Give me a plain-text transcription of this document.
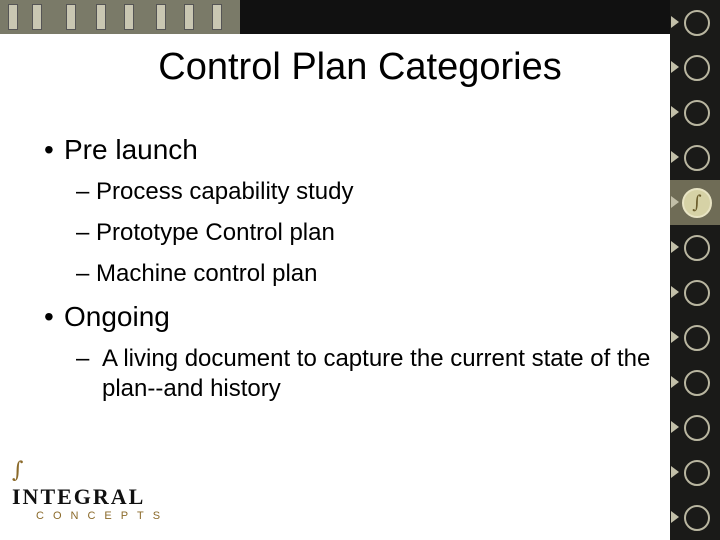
∫
Control Plan Categories
• Pre launch
– Process capability study
– Prototype Control plan
– Machine control plan
• Ongoing
– A living document to capture the current state of the plan--and history
∫
INTEGRAL
CONCEPTS
